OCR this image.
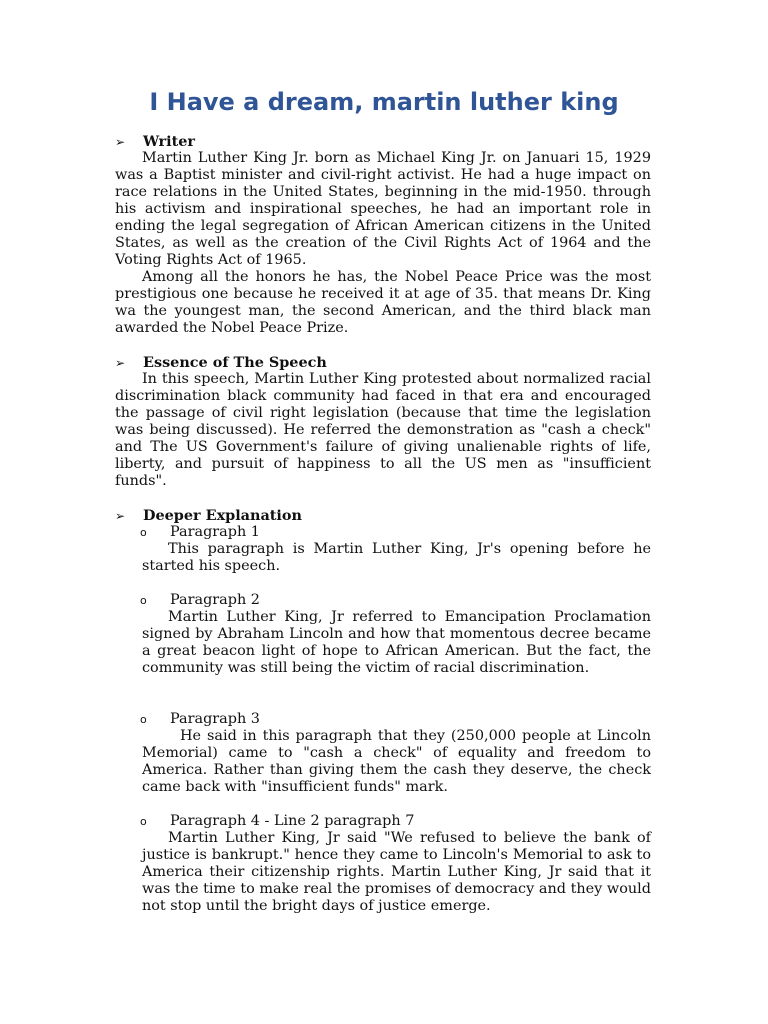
I Have a dream, martin luther king
➢ Writer

Martin Luther King Jr. born as Michael King Jr. on Januari 15, 1929 was a Baptist minister and civil-right activist. He had a huge impact on race relations in the United States, beginning in the mid-1950. through his activism and inspirational speeches, he had an important role in ending the legal segregation of African American citizens in the United States, as well as the creation of the Civil Rights Act of 1964 and the Voting Rights Act of 1965.

Among all the honors he has, the Nobel Peace Price was the most prestigious one because he received it at age of 35. that means Dr. King wa the youngest man, the second American, and the third black man awarded the Nobel Peace Prize.

➢ Essence of The Speech

In this speech, Martin Luther King protested about normalized racial discrimination black community had faced in that era and encouraged the passage of civil right legislation (because that time the legislation was being discussed). He referred the demonstration as "cash a check" and The US Government's failure of giving unalienable rights of life, liberty, and pursuit of happiness to all the US men as "insufficient funds".

➢ Deeper Explanation
o Paragraph 1

This paragraph is Martin Luther King, Jr's opening before he started his speech.

o Paragraph 2

Martin Luther King, Jr referred to Emancipation Proclamation signed by Abraham Lincoln and how that momentous decree became a great beacon light of hope to African American. But the fact, the community was still being the victim of racial discrimination.

o Paragraph 3

He said in this paragraph that they (250,000 people at Lincoln Memorial) came to "cash a check" of equality and freedom to America. Rather than giving them the cash they deserve, the check came back with "insufficient funds" mark.

o Paragraph 4 - Line 2 paragraph 7

Martin Luther King, Jr said "We refused to believe the bank of justice is bankrupt." hence they came to Lincoln's Memorial to ask to America their citizenship rights. Martin Luther King, Jr said that it was the time to make real the promises of democracy and they would not stop until the bright days of justice emerge.
